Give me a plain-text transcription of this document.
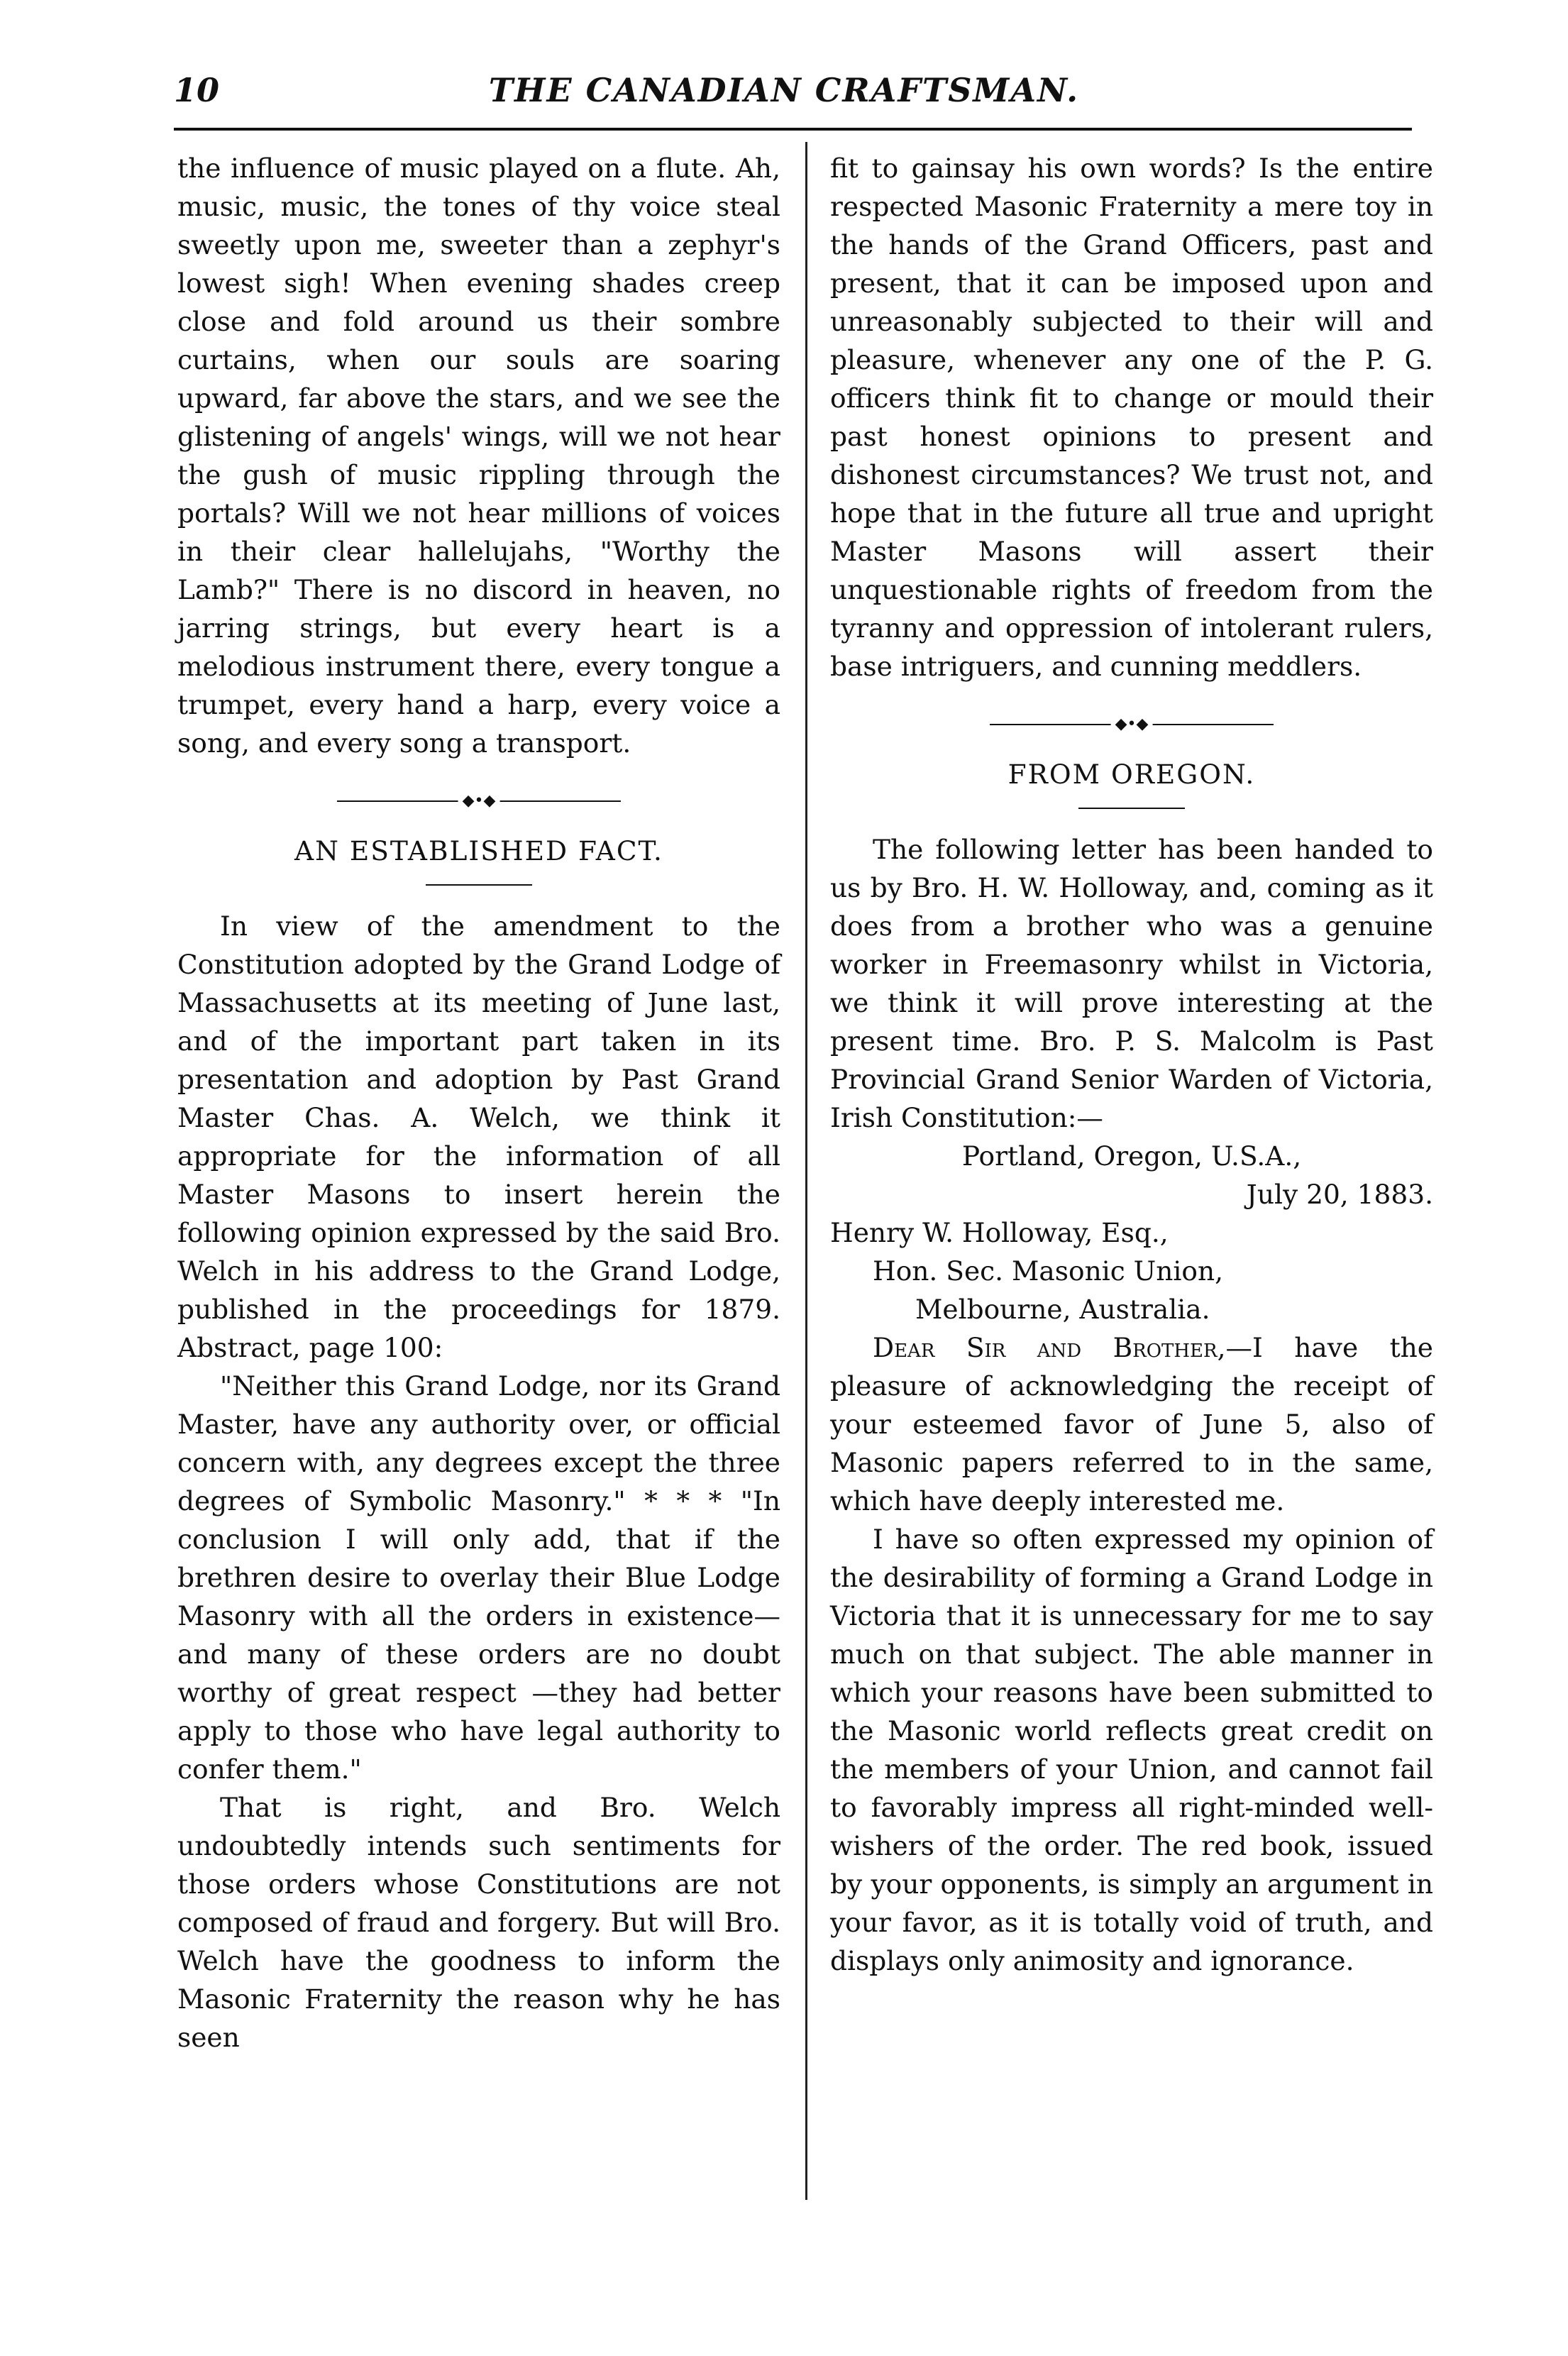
10	THE CANADIAN CRAFTSMAN.

the influence of music played on a flute. Ah, music, music, the tones of thy voice steal sweetly upon me, sweeter than a zephyr's lowest sigh! When evening shades creep close and fold around us their sombre curtains, when our souls are soaring upward, far above the stars, and we see the glistening of angels' wings, will we not hear the gush of music rippling through the portals? Will we not hear millions of voices in their clear hallelujahs, "Worthy the Lamb?" There is no discord in heaven, no jarring strings, but every heart is a melodious instrument there, every tongue a trumpet, every hand a harp, every voice a song, and every song a transport.

◆•◆

AN ESTABLISHED FACT.

In view of the amendment to the Constitution adopted by the Grand Lodge of Massachusetts at its meeting of June last, and of the important part taken in its presentation and adoption by Past Grand Master Chas. A. Welch, we think it appropriate for the information of all Master Masons to insert herein the following opinion expressed by the said Bro. Welch in his address to the Grand Lodge, published in the proceedings for 1879. Abstract, page 100:

"Neither this Grand Lodge, nor its Grand Master, have any authority over, or official concern with, any degrees except the three degrees of Symbolic Masonry." * * * "In conclusion I will only add, that if the brethren desire to overlay their Blue Lodge Masonry with all the orders in existence—and many of these orders are no doubt worthy of great respect —they had better apply to those who have legal authority to confer them."

That is right, and Bro. Welch undoubtedly intends such sentiments for those orders whose Constitutions are not composed of fraud and forgery. But will Bro. Welch have the goodness to inform the Masonic Fraternity the reason why he has seen

fit to gainsay his own words? Is the entire respected Masonic Fraternity a mere toy in the hands of the Grand Officers, past and present, that it can be imposed upon and unreasonably subjected to their will and pleasure, whenever any one of the P. G. officers think fit to change or mould their past honest opinions to present and dishonest circumstances? We trust not, and hope that in the future all true and upright Master Masons will assert their unquestionable rights of freedom from the tyranny and oppression of intolerant rulers, base intriguers, and cunning meddlers.

◆•◆

FROM OREGON.

The following letter has been handed to us by Bro. H. W. Holloway, and, coming as it does from a brother who was a genuine worker in Freemasonry whilst in Victoria, we think it will prove interesting at the present time. Bro. P. S. Malcolm is Past Provincial Grand Senior Warden of Victoria, Irish Constitution:—

Portland, Oregon, U.S.A.,

July 20, 1883.

Henry W. Holloway, Esq.,

Hon. Sec. Masonic Union,

Melbourne, Australia.

Dear Sir and Brother,—I have the pleasure of acknowledging the receipt of your esteemed favor of June 5, also of Masonic papers referred to in the same, which have deeply interested me.

I have so often expressed my opinion of the desirability of forming a Grand Lodge in Victoria that it is unnecessary for me to say much on that subject. The able manner in which your reasons have been submitted to the Masonic world reflects great credit on the members of your Union, and cannot fail to favorably impress all right-minded well-wishers of the order. The red book, issued by your opponents, is simply an argument in your favor, as it is totally void of truth, and displays only animosity and ignorance.
